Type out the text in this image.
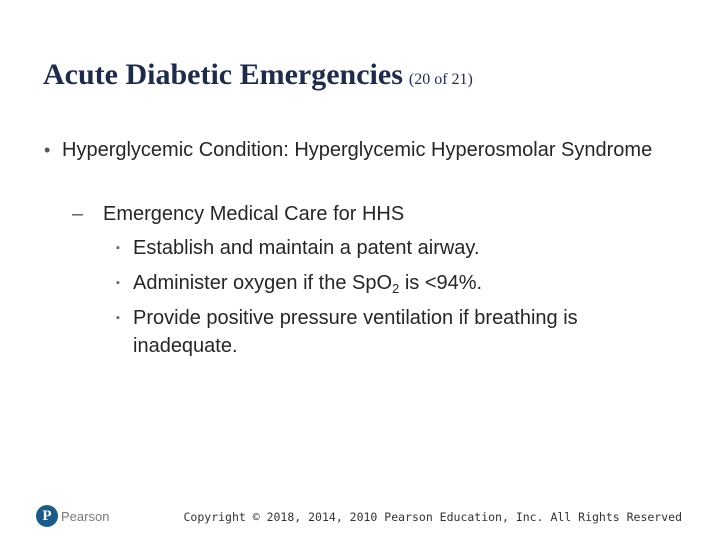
Acute Diabetic Emergencies (20 of 21)
• Hyperglycemic Condition: Hyperglycemic Hyperosmolar Syndrome
– Emergency Medical Care for HHS
▪ Establish and maintain a patent airway.
▪ Administer oxygen if the SpO$_2$ is <94%.
▪ Provide positive pressure ventilation if breathing is inadequate.
P Pearson	Copyright © 2018, 2014, 2010 Pearson Education, Inc. All Rights Reserved
